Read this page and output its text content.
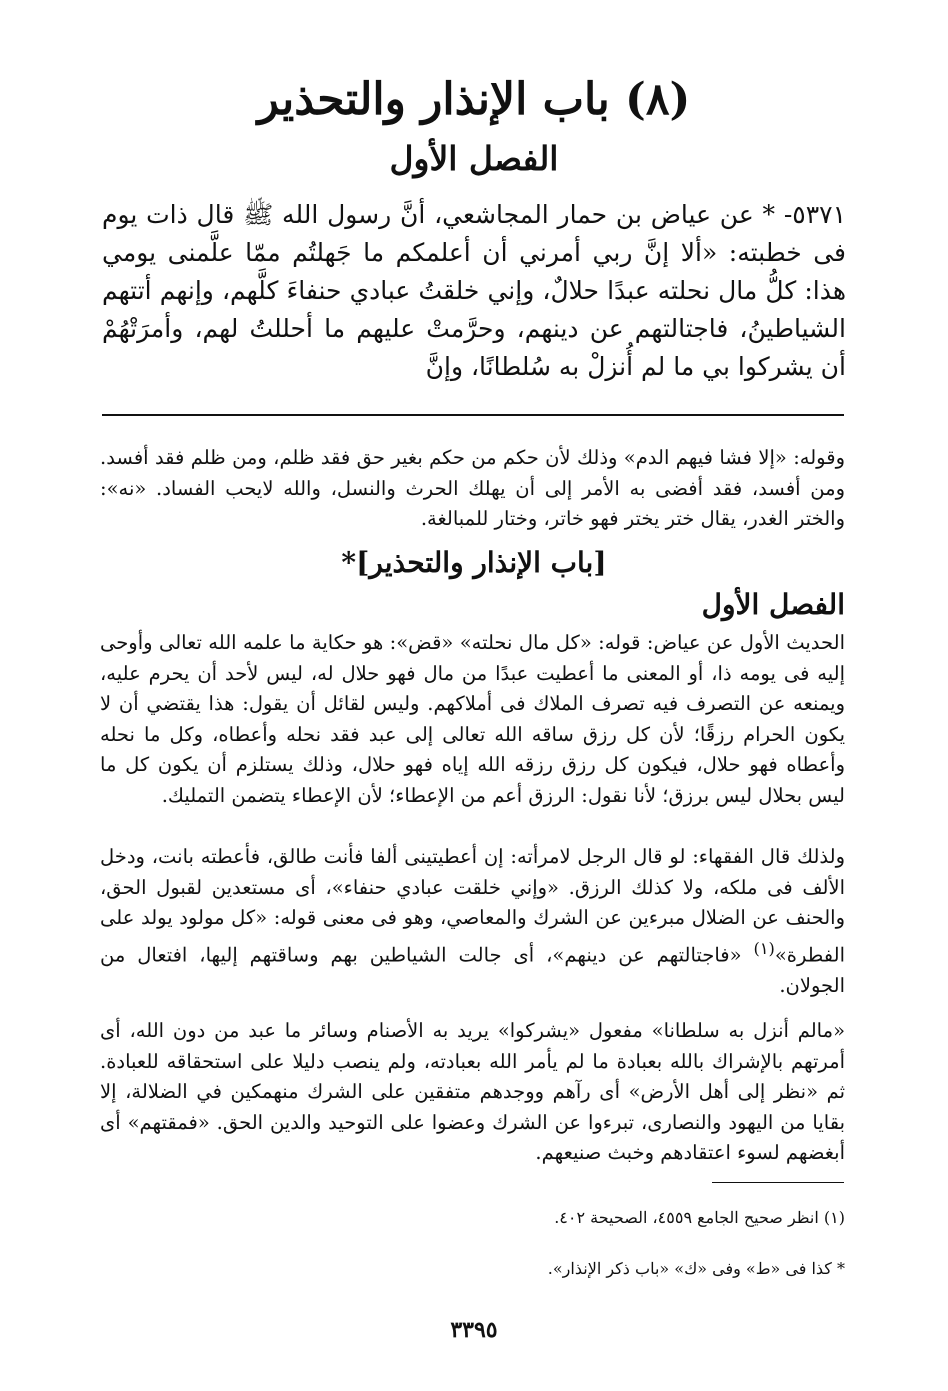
(٨) باب الإنذار والتحذير
الفصل الأول

٥٣٧١- * عن عياض بن حمار المجاشعي، أنَّ رسول الله ﷺ قال ذات يوم فى خطبته: «ألا إنَّ ربي أمرني أن أعلمكم ما جَهلتُم ممّا علَّمنى يومي هذا: كلُّ مال نحلته عبدًا حلالٌ، وإني خلقتُ عبادي حنفاءَ كلَّهم، وإنهم أتتهم الشياطينُ، فاجتالتهم عن دينهم، وحرَّمتْ عليهم ما أحللتُ لهم، وأمرَتْهُمْ أن يشركوا بي ما لم أُنزلْ به سُلطانًا، وإنَّ

وقوله: «إلا فشا فيهم الدم» وذلك لأن حكم من حكم بغير حق فقد ظلم، ومن ظلم فقد أفسد. ومن أفسد، فقد أفضى به الأمر إلى أن يهلك الحرث والنسل، والله لايحب الفساد. «نه»: والختر الغدر، يقال ختر يختر فهو خاتر، وختار للمبالغة.

[باب الإنذار والتحذير]*
الفصل الأول

الحديث الأول عن عياض: قوله: «كل مال نحلته» «قض»: هو حكاية ما علمه الله تعالى وأوحى إليه فى يومه ذا، أو المعنى ما أعطيت عبدًا من مال فهو حلال له، ليس لأحد أن يحرم عليه، ويمنعه عن التصرف فيه تصرف الملاك فى أملاكهم. وليس لقائل أن يقول: هذا يقتضي أن لا يكون الحرام رزقًا؛ لأن كل رزق ساقه الله تعالى إلى عبد فقد نحله وأعطاه، وكل ما نحله وأعطاه فهو حلال، فيكون كل رزق رزقه الله إياه فهو حلال، وذلك يستلزم أن يكون كل ما ليس بحلال ليس برزق؛ لأنا نقول: الرزق أعم من الإعطاء؛ لأن الإعطاء يتضمن التمليك.

ولذلك قال الفقهاء: لو قال الرجل لامرأته: إن أعطيتينى ألفا فأنت طالق، فأعطته بانت، ودخل الألف فى ملكه، ولا كذلك الرزق. «وإني خلقت عبادي حنفاء»، أى مستعدين لقبول الحق، والحنف عن الضلال مبرءين عن الشرك والمعاصي، وهو فى معنى قوله: «كل مولود يولد على الفطرة»$^{(١)}$ «فاجتالتهم عن دينهم»، أى جالت الشياطين بهم وساقتهم إليها، افتعال من الجولان.

«مالم أنزل به سلطانا» مفعول «يشركوا» يريد به الأصنام وسائر ما عبد من دون الله، أى أمرتهم بالإشراك بالله بعبادة ما لم يأمر الله بعبادته، ولم ينصب دليلا على استحقاقه للعبادة. ثم «نظر إلى أهل الأرض» أى رآهم ووجدهم متفقين على الشرك منهمكين في الضلالة، إلا بقايا من اليهود والنصارى، تبرءوا عن الشرك وعضوا على التوحيد والدين الحق. «فمقتهم» أى أبغضهم لسوء اعتقادهم وخبث صنيعهم.

(١) انظر صحيح الجامع ٤٥٥٩، الصحيحة ٤٠٢.
* كذا فى «ط» وفى «ك» «باب ذكر الإنذار».
٣٣٩٥
